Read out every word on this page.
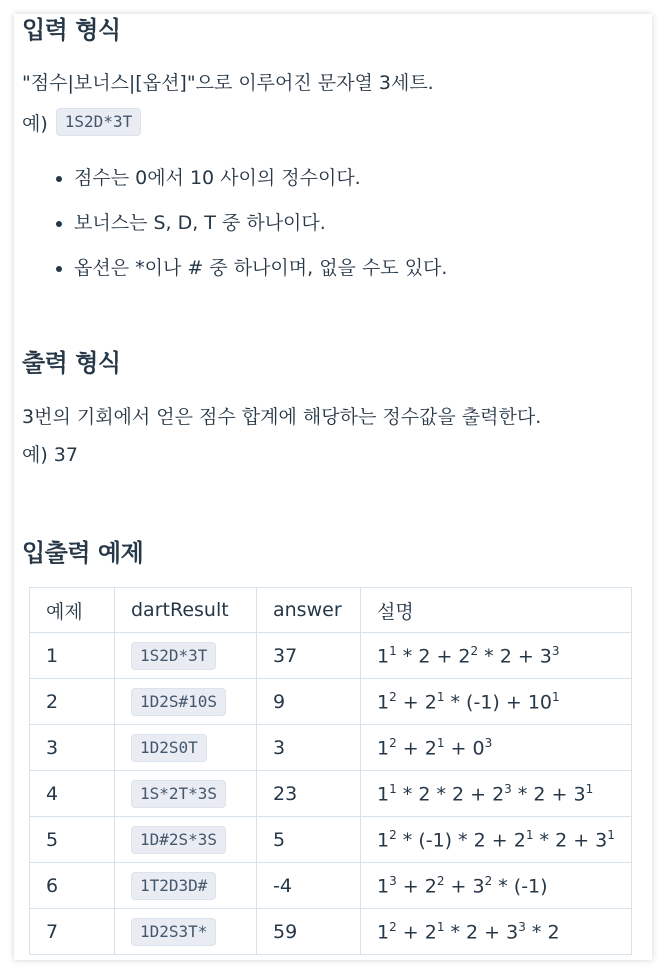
입력 형식

"점수|보너스|[옵션]"으로 이루어진 문자열 3세트.

예)	1S2D*3T
• 점수는 0에서 10 사이의 정수이다.
• 보너스는 S, D, T 중 하나이다.
• 옵션은 *이나 # 중 하나이며, 없을 수도 있다.
출력 형식

3번의 기회에서 얻은 점수 합계에 해당하는 정수값을 출력한다.

예) 37

입출력 예제
예제	dartResult	answer	설명
1	1S2D*3T	37	$1^1 * 2 + 2^2 * 2 + 3^3$
2	1D2S#10S	9	$1^2 + 2^1 * (-1) + 10^1$
3	1D2S0T	3	$1^2 + 2^1 + 0^3$
4	1S*2T*3S	23	$1^1 * 2 * 2 + 2^3 * 2 + 3^1$
5	1D#2S*3S	5	$1^2 * (-1) * 2 + 2^1 * 2 + 3^1$
6	1T2D3D#	-4	$1^3 + 2^2 + 3^2 * (-1)$
7	1D2S3T*	59	$1^2 + 2^1 * 2 + 3^3 * 2$
